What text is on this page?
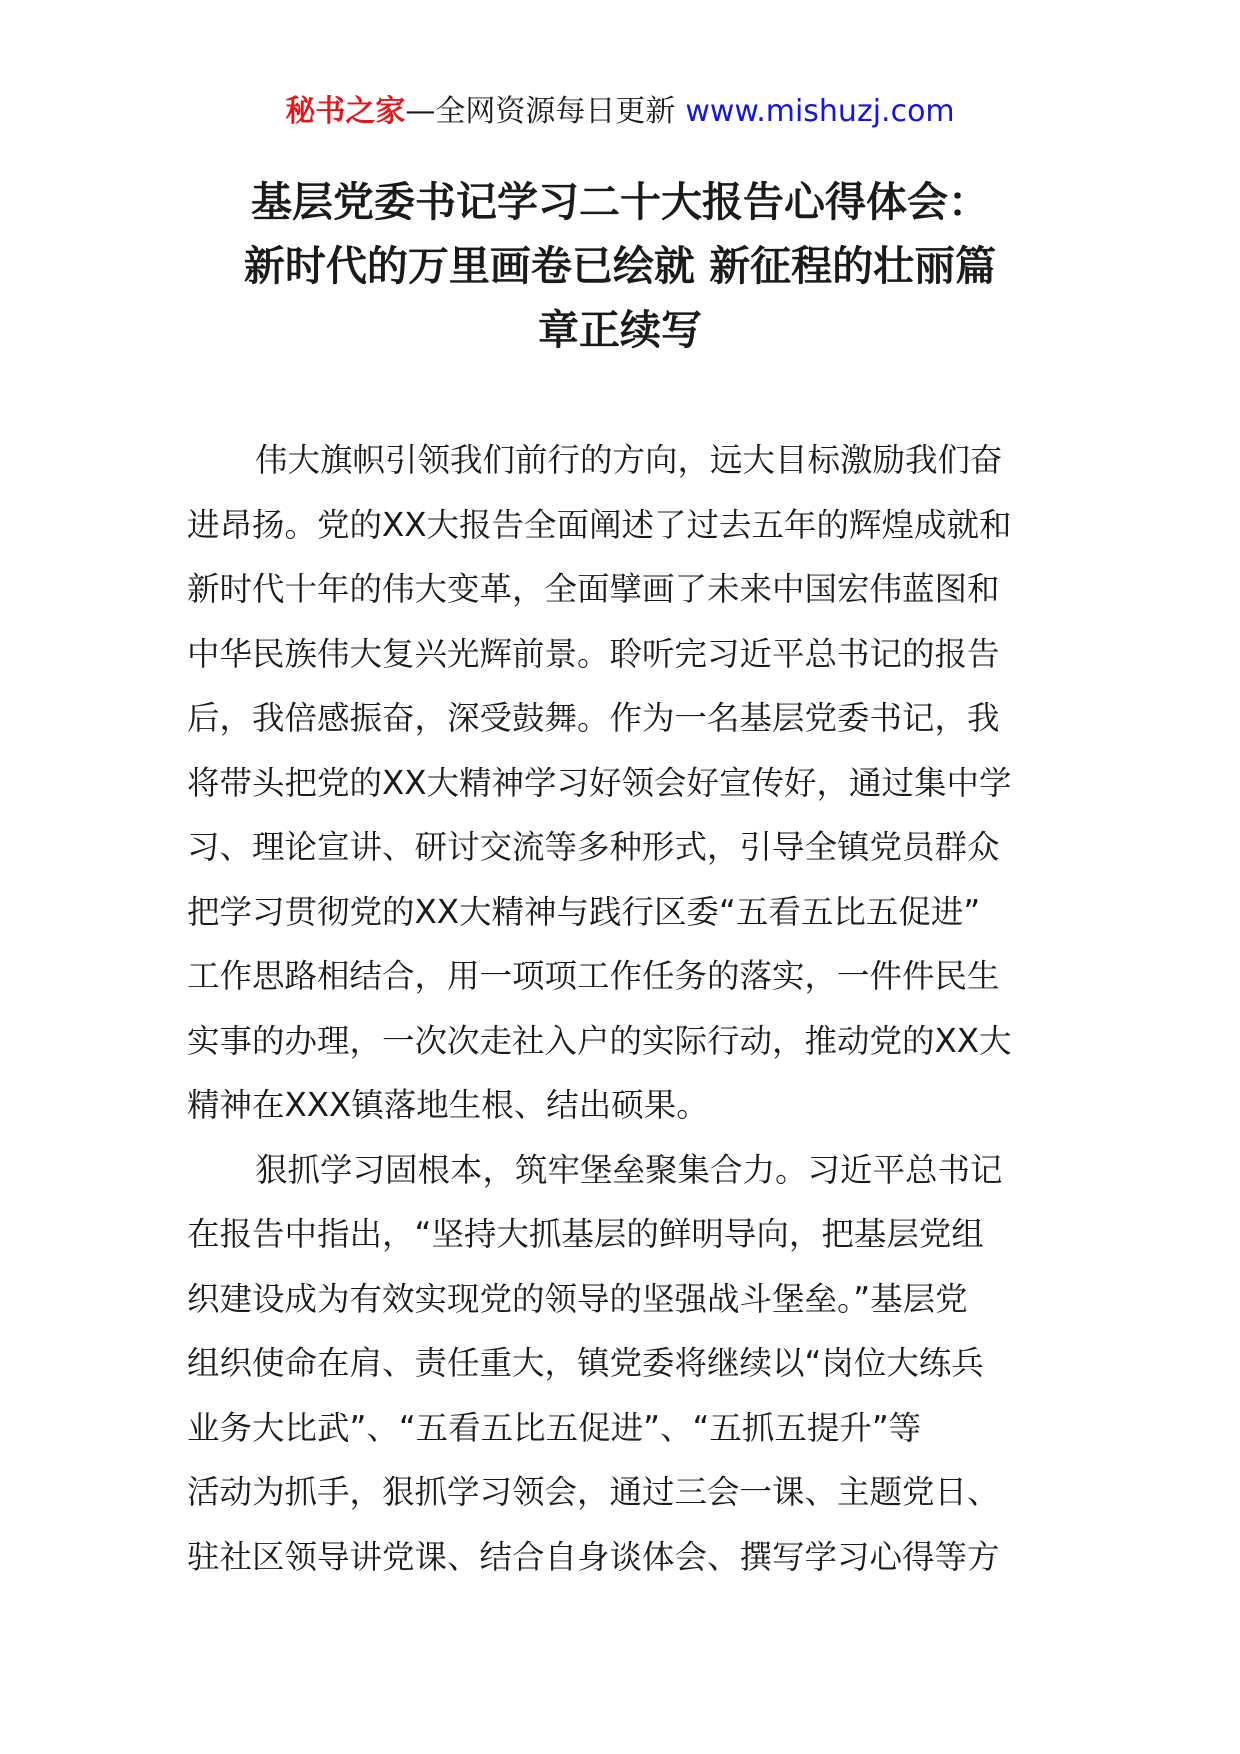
秘书之家—全网资源每日更新 www.mishuzj.com
基层党委书记学习二十大报告心得体会：
新时代的万里画卷已绘就 新征程的壮丽篇
章正续写

伟大旗帜引领我们前行的方向，远大目标激励我们奋
进昂扬。党的XX大报告全面阐述了过去五年的辉煌成就和
新时代十年的伟大变革，全面擘画了未来中国宏伟蓝图和
中华民族伟大复兴光辉前景。聆听完习近平总书记的报告
后，我倍感振奋，深受鼓舞。作为一名基层党委书记，我
将带头把党的XX大精神学习好领会好宣传好，通过集中学
习、理论宣讲、研讨交流等多种形式，引导全镇党员群众
把学习贯彻党的XX大精神与践行区委“五看五比五促进”
工作思路相结合，用一项项工作任务的落实，一件件民生
实事的办理，一次次走社入户的实际行动，推动党的XX大
精神在XXX镇落地生根、结出硕果。

狠抓学习固根本，筑牢堡垒聚集合力。习近平总书记
在报告中指出，“坚持大抓基层的鲜明导向，把基层党组
织建设成为有效实现党的领导的坚强战斗堡垒。”基层党
组织使命在肩、责任重大，镇党委将继续以“岗位大练兵
业务大比武”、“五看五比五促进”、“五抓五提升”等
活动为抓手，狠抓学习领会，通过三会一课、主题党日、
驻社区领导讲党课、结合自身谈体会、撰写学习心得等方
